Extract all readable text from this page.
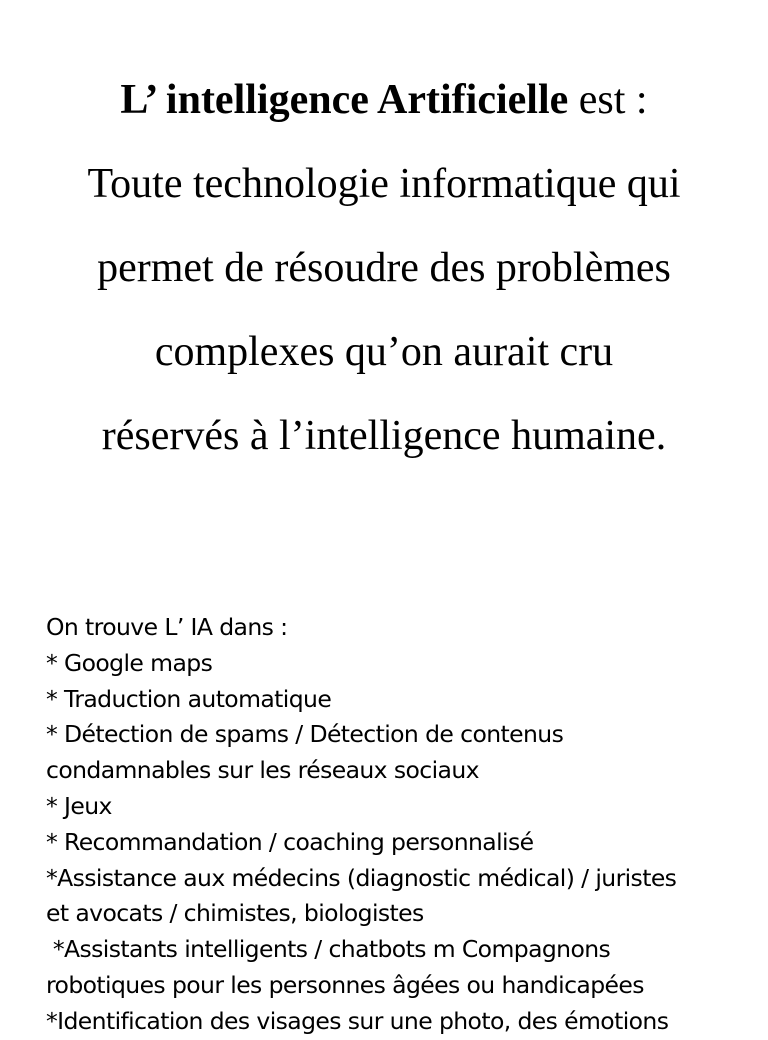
L’ intelligence Artificielle est :
Toute technologie informatique qui
permet de résoudre des problèmes
complexes qu’on aurait cru
réservés à l’intelligence humaine.
On trouve L’ IA dans :
* Google maps
* Traduction automatique
* Détection de spams / Détection de contenus
condamnables sur les réseaux sociaux
* Jeux
* Recommandation / coaching personnalisé
*Assistance aux médecins (diagnostic médical) / juristes
et avocats / chimistes, biologistes
*Assistants intelligents / chatbots m Compagnons
robotiques pour les personnes âgées ou handicapées
*Identification des visages sur une photo, des émotions
